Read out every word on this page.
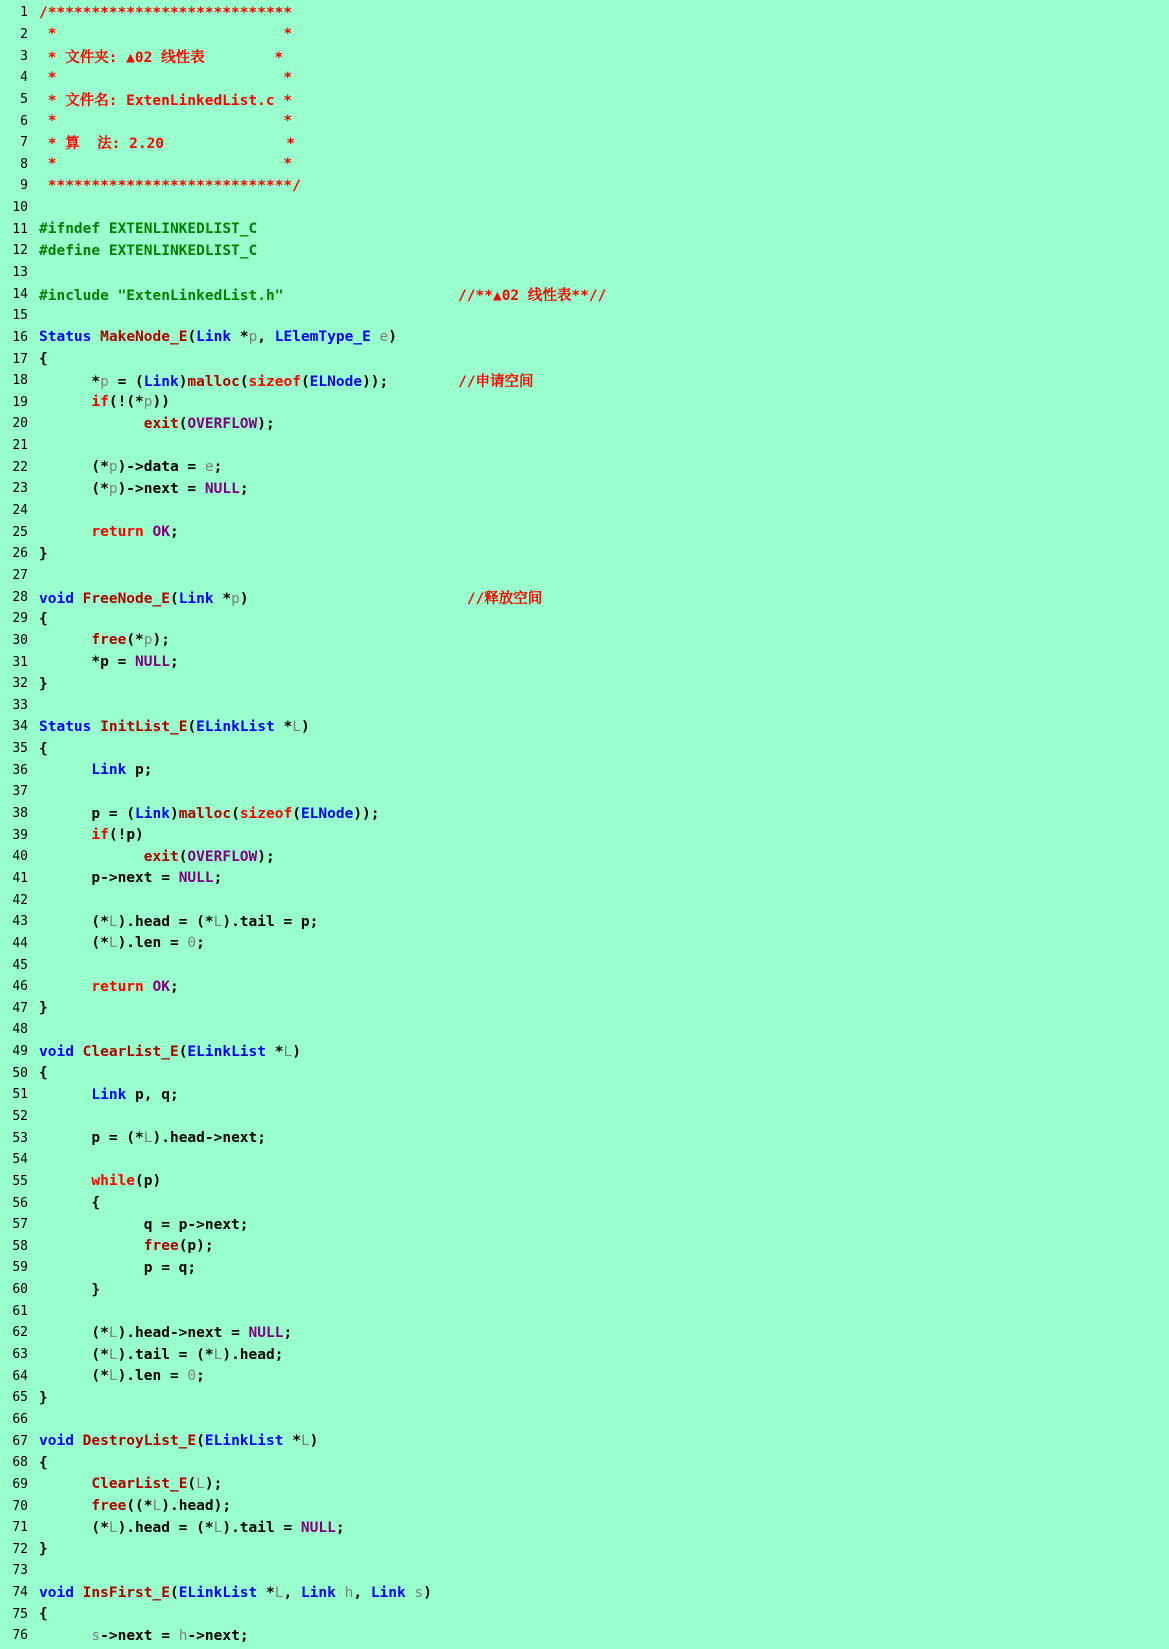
1 /****************************
2 *                          *
3 * 文件夹: ▲02 线性表        *
4 *                          *
5 * 文件名: ExtenLinkedList.c *
6 *                          *
7 * 算  法: 2.20              *
8 *                          *
9 ****************************/
10
11 #ifndef EXTENLINKEDLIST_C
12 #define EXTENLINKEDLIST_C
13
14 #include "ExtenLinkedList.h"	//**▲02 线性表**//
15
16 Status MakeNode_E(Link *p, LElemType_E e)
17 {
18 *p = (Link)malloc(sizeof(ELNode));        //申请空间
19	if(!(*p))
20	exit(OVERFLOW);
21
22 (*p)->data = e;
23 (*p)->next = NULL;
24
25	return OK;
26 }
27
28 void FreeNode_E(Link *p)                         //释放空间
29 {
30	free(*p);
31 *p = NULL;
32 }
33
34 Status InitList_E(ELinkList *L)
35 {
36	Link p;
37
38 p = (Link)malloc(sizeof(ELNode));
39	if(!p)
40	exit(OVERFLOW);
41 p->next = NULL;
42
43 (*L).head = (*L).tail = p;
44 (*L).len = 0;
45
46	return OK;
47 }
48
49 void ClearList_E(ELinkList *L)
50 {
51	Link p, q;
52
53 p = (*L).head->next;
54
55	while(p)
56 {
57 q = p->next;
58	free(p);
59 p = q;
60 }
61
62 (*L).head->next = NULL;
63 (*L).tail = (*L).head;
64 (*L).len = 0;
65 }
66
67 void DestroyList_E(ELinkList *L)
68 {
69	ClearList_E(L);
70	free((*L).head);
71 (*L).head = (*L).tail = NULL;
72 }
73
74 void InsFirst_E(ELinkList *L, Link h, Link s)
75 {
76	s->next = h->next;
